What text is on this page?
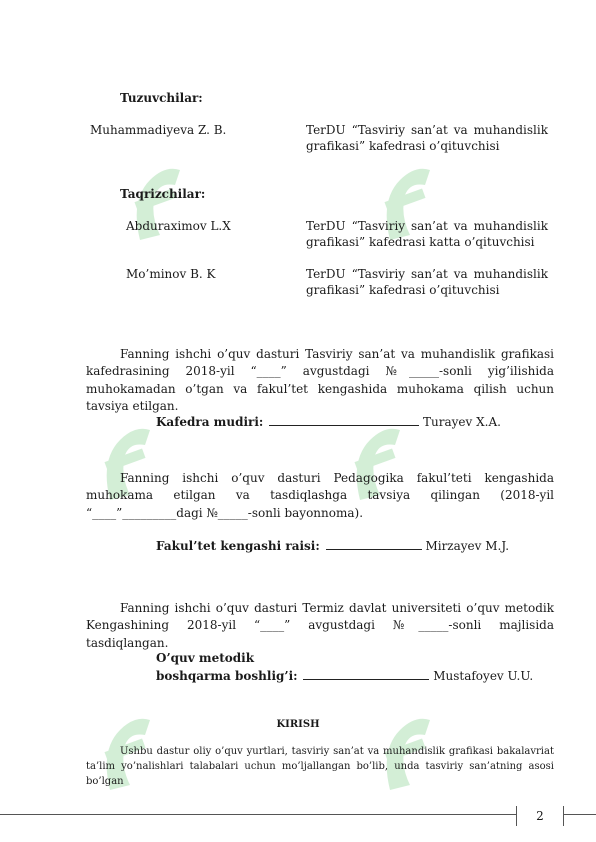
Tuzuvchilar:
Muhammadiyeva Z. B.	TerDU “Tasviriy san’at va muhandislik grafikasi” kafedrasi o’qituvchisi
Taqrizchilar:
Abduraximov L.X	TerDU “Tasviriy san’at va muhandislik grafikasi” kafedrasi katta o’qituvchisi
Mo’minov B. K	TerDU “Tasviriy san’at va muhandislik grafikasi” kafedrasi o’qituvchisi
Fanning ishchi o’quv dasturi Tasviriy san’at va muhandislik grafikasi kafedrasining 2018-yil “____” avgustdagi №_____-sonli yig’ilishida muhokamadan o’tgan va fakul’tet kengashida muhokama qilish uchun tavsiya etilgan.
Kafedra mudiri:	Turayev X.A.
Fanning ishchi o’quv dasturi Pedagogika fakul’teti kengashida muhokama etilgan va tasdiqlashga tavsiya qilingan (2018-yil “____”_________dagi №_____-sonli bayonnoma).
Fakul’tet kengashi raisi:	Mirzayev M.J.
Fanning ishchi o’quv dasturi Termiz davlat universiteti o’quv metodik Kengashining 2018-yil “____” avgustdagi №_____-sonli majlisida tasdiqlangan.
O’quv metodik
boshqarma boshlig’i:	Mustafoyev U.U.
KIRISH
Ushbu dastur oliy o’quv yurtlari, tasviriy san’at va muhandislik grafikasi bakalavriat ta’lim yo’nalishlari talabalari uchun mo’ljallangan bo’lib, unda tasviriy san’atning asosi bo’lgan
2
